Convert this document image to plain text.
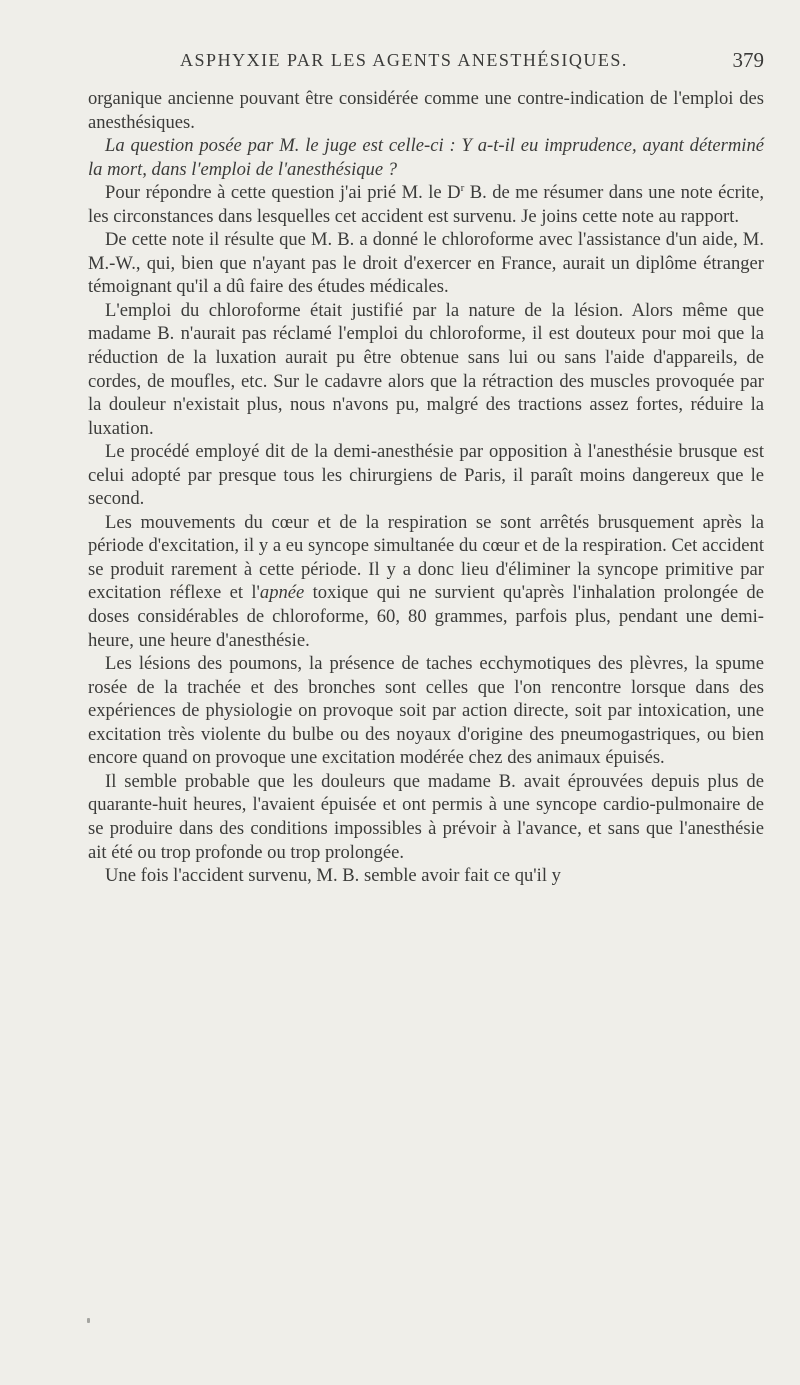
ASPHYXIE PAR LES AGENTS ANESTHÉSIQUES.	379

organique ancienne pouvant être considérée comme une contre-indication de l'emploi des anesthésiques.

La question posée par M. le juge est celle-ci : Y a-t-il eu imprudence, ayant déterminé la mort, dans l'emploi de l'anesthésique ?

Pour répondre à cette question j'ai prié M. le $D^r$ B. de me résumer dans une note écrite, les circonstances dans lesquelles cet accident est survenu. Je joins cette note au rapport.

De cette note il résulte que M. B. a donné le chloroforme avec l'assistance d'un aide, M. M.-W., qui, bien que n'ayant pas le droit d'exercer en France, aurait un diplôme étranger témoignant qu'il a dû faire des études médicales.

L'emploi du chloroforme était justifié par la nature de la lésion. Alors même que madame B. n'aurait pas réclamé l'emploi du chloroforme, il est douteux pour moi que la réduction de la luxation aurait pu être obtenue sans lui ou sans l'aide d'appareils, de cordes, de moufles, etc. Sur le cadavre alors que la rétraction des muscles provoquée par la douleur n'existait plus, nous n'avons pu, malgré des tractions assez fortes, réduire la luxation.

Le procédé employé dit de la demi-anesthésie par opposition à l'anesthésie brusque est celui adopté par presque tous les chirurgiens de Paris, il paraît moins dangereux que le second.

Les mouvements du cœur et de la respiration se sont arrêtés brusquement après la période d'excitation, il y a eu syncope simultanée du cœur et de la respiration. Cet accident se produit rarement à cette période. Il y a donc lieu d'éliminer la syncope primitive par excitation réflexe et l'apnée toxique qui ne survient qu'après l'inhalation prolongée de doses considérables de chloroforme, 60, 80 grammes, parfois plus, pendant une demi-heure, une heure d'anesthésie.

Les lésions des poumons, la présence de taches ecchymotiques des plèvres, la spume rosée de la trachée et des bronches sont celles que l'on rencontre lorsque dans des expériences de physiologie on provoque soit par action directe, soit par intoxication, une excitation très violente du bulbe ou des noyaux d'origine des pneumogastriques, ou bien encore quand on provoque une excitation modérée chez des animaux épuisés.

Il semble probable que les douleurs que madame B. avait éprouvées depuis plus de quarante-huit heures, l'avaient épuisée et ont permis à une syncope cardio-pulmonaire de se produire dans des conditions impossibles à prévoir à l'avance, et sans que l'anesthésie ait été ou trop profonde ou trop prolongée.

Une fois l'accident survenu, M. B. semble avoir fait ce qu'il y
